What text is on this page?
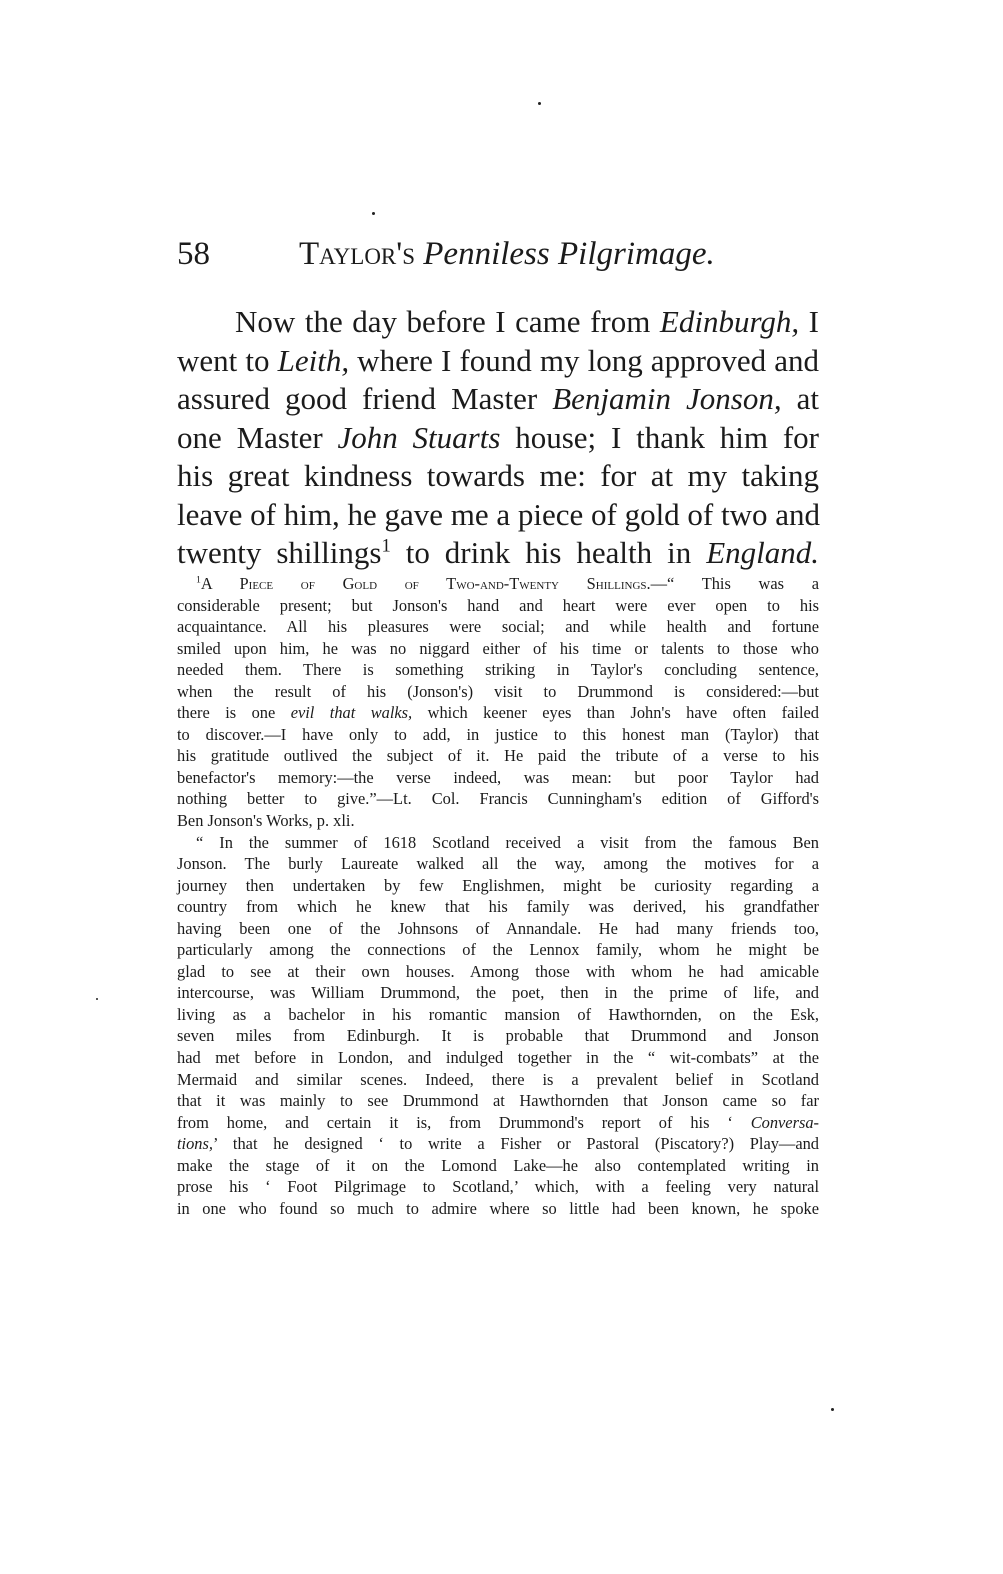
58	Taylor's Penniless Pilgrimage.
Now the day before I came from Edinburgh, I
went to Leith, where I found my long approved and
assured good friend Master Benjamin Jonson, at
one Master John Stuarts house; I thank him for
his great kindness towards me: for at my taking
leave of him, he gave me a piece of gold of two and
twenty shillings$^1$ to drink his health in England.
$^1$A Piece of Gold of Two-and-Twenty Shillings.—“ This was a
considerable present; but Jonson's hand and heart were ever open to his
acquaintance. All his pleasures were social; and while health and fortune
smiled upon him, he was no niggard either of his time or talents to those who
needed them. There is something striking in Taylor's concluding sentence,
when the result of his (Jonson's) visit to Drummond is considered:—but
there is one evil that walks, which keener eyes than John's have often failed
to discover.—I have only to add, in justice to this honest man (Taylor) that
his gratitude outlived the subject of it. He paid the tribute of a verse to his
benefactor's memory:—the verse indeed, was mean: but poor Taylor had
nothing better to give.”—Lt. Col. Francis Cunningham's edition of Gifford's
Ben Jonson's Works, p. xli.
“ In the summer of 1618 Scotland received a visit from the famous Ben
Jonson. The burly Laureate walked all the way, among the motives for a
journey then undertaken by few Englishmen, might be curiosity regarding a
country from which he knew that his family was derived, his grandfather
having been one of the Johnsons of Annandale. He had many friends too,
particularly among the connections of the Lennox family, whom he might be
glad to see at their own houses. Among those with whom he had amicable
intercourse, was William Drummond, the poet, then in the prime of life, and
living as a bachelor in his romantic mansion of Hawthornden, on the Esk,
seven miles from Edinburgh. It is probable that Drummond and Jonson
had met before in London, and indulged together in the “ wit-combats” at the
Mermaid and similar scenes. Indeed, there is a prevalent belief in Scotland
that it was mainly to see Drummond at Hawthornden that Jonson came so far
from home, and certain it is, from Drummond's report of his ‘ Conversa-
tions,’ that he designed ‘ to write a Fisher or Pastoral (Piscatory?) Play—and
make the stage of it on the Lomond Lake—he also contemplated writing in
prose his ‘ Foot Pilgrimage to Scotland,’ which, with a feeling very natural
in one who found so much to admire where so little had been known, he spoke
